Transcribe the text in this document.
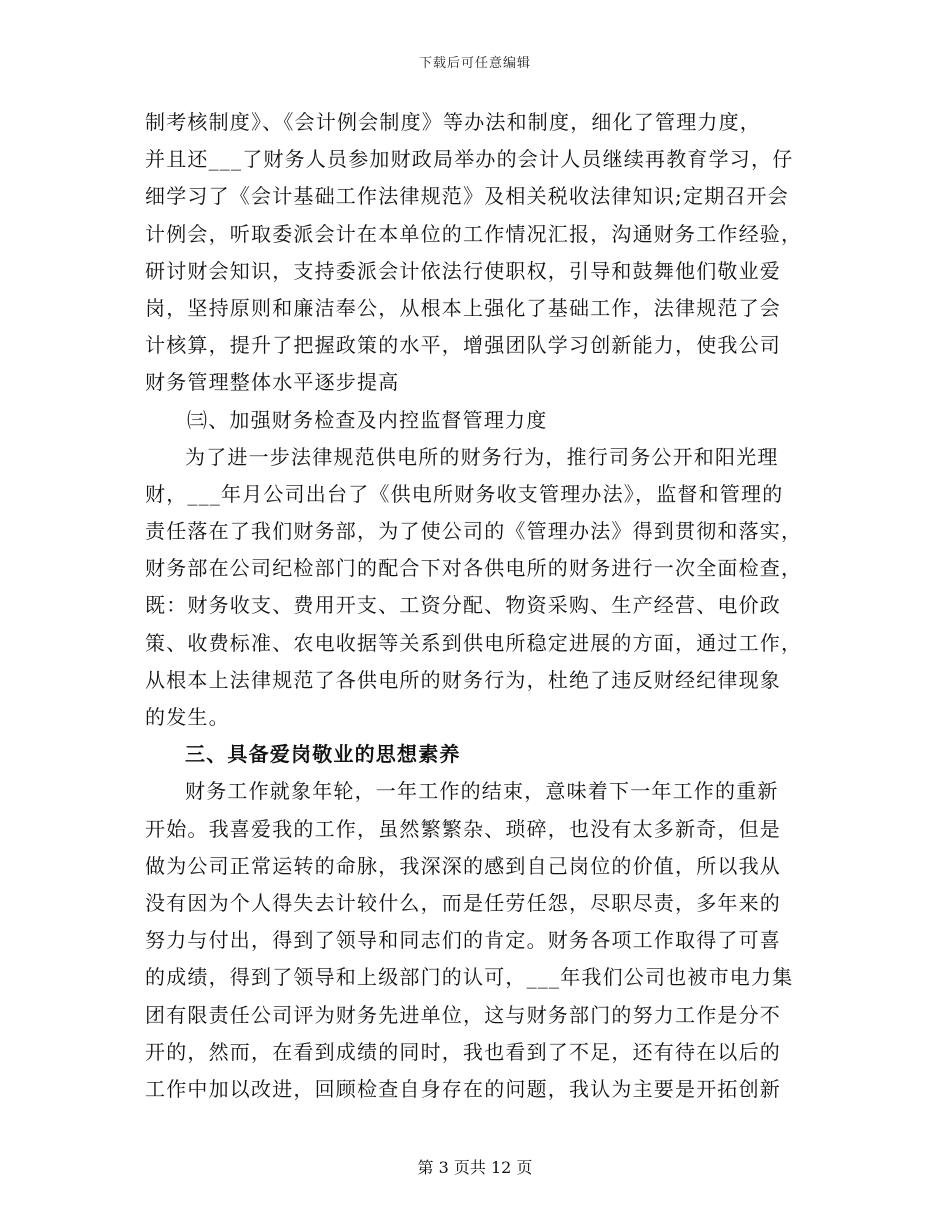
下载后可任意编辑
制考核制度》、《会计例会制度》等办法和制度，细化了管理力度，
并且还___了财务人员参加财政局举办的会计人员继续再教育学习，仔
细学习了《会计基础工作法律规范》及相关税收法律知识;定期召开会
计例会，听取委派会计在本单位的工作情况汇报，沟通财务工作经验，
研讨财会知识，支持委派会计依法行使职权，引导和鼓舞他们敬业爱
岗，坚持原则和廉洁奉公，从根本上强化了基础工作，法律规范了会
计核算，提升了把握政策的水平，增强团队学习创新能力，使我公司
财务管理整体水平逐步提高
㈢、加强财务检查及内控监督管理力度
为了进一步法律规范供电所的财务行为，推行司务公开和阳光理
财，___年月公司出台了《供电所财务收支管理办法》，监督和管理的
责任落在了我们财务部，为了使公司的《管理办法》得到贯彻和落实，
财务部在公司纪检部门的配合下对各供电所的财务进行一次全面检查，
既：财务收支、费用开支、工资分配、物资采购、生产经营、电价政
策、收费标准、农电收据等关系到供电所稳定进展的方面，通过工作，
从根本上法律规范了各供电所的财务行为，杜绝了违反财经纪律现象
的发生。
三、具备爱岗敬业的思想素养
财务工作就象年轮，一年工作的结束，意味着下一年工作的重新
开始。我喜爱我的工作，虽然繁繁杂、琐碎，也没有太多新奇，但是
做为公司正常运转的命脉，我深深的感到自己岗位的价值，所以我从
没有因为个人得失去计较什么，而是任劳任怨，尽职尽责，多年来的
努力与付出，得到了领导和同志们的肯定。财务各项工作取得了可喜
的成绩，得到了领导和上级部门的认可，___年我们公司也被市电力集
团有限责任公司评为财务先进单位，这与财务部门的努力工作是分不
开的，然而，在看到成绩的同时，我也看到了不足，还有待在以后的
工作中加以改进，回顾检查自身存在的问题，我认为主要是开拓创新
第 3 页共 12 页
